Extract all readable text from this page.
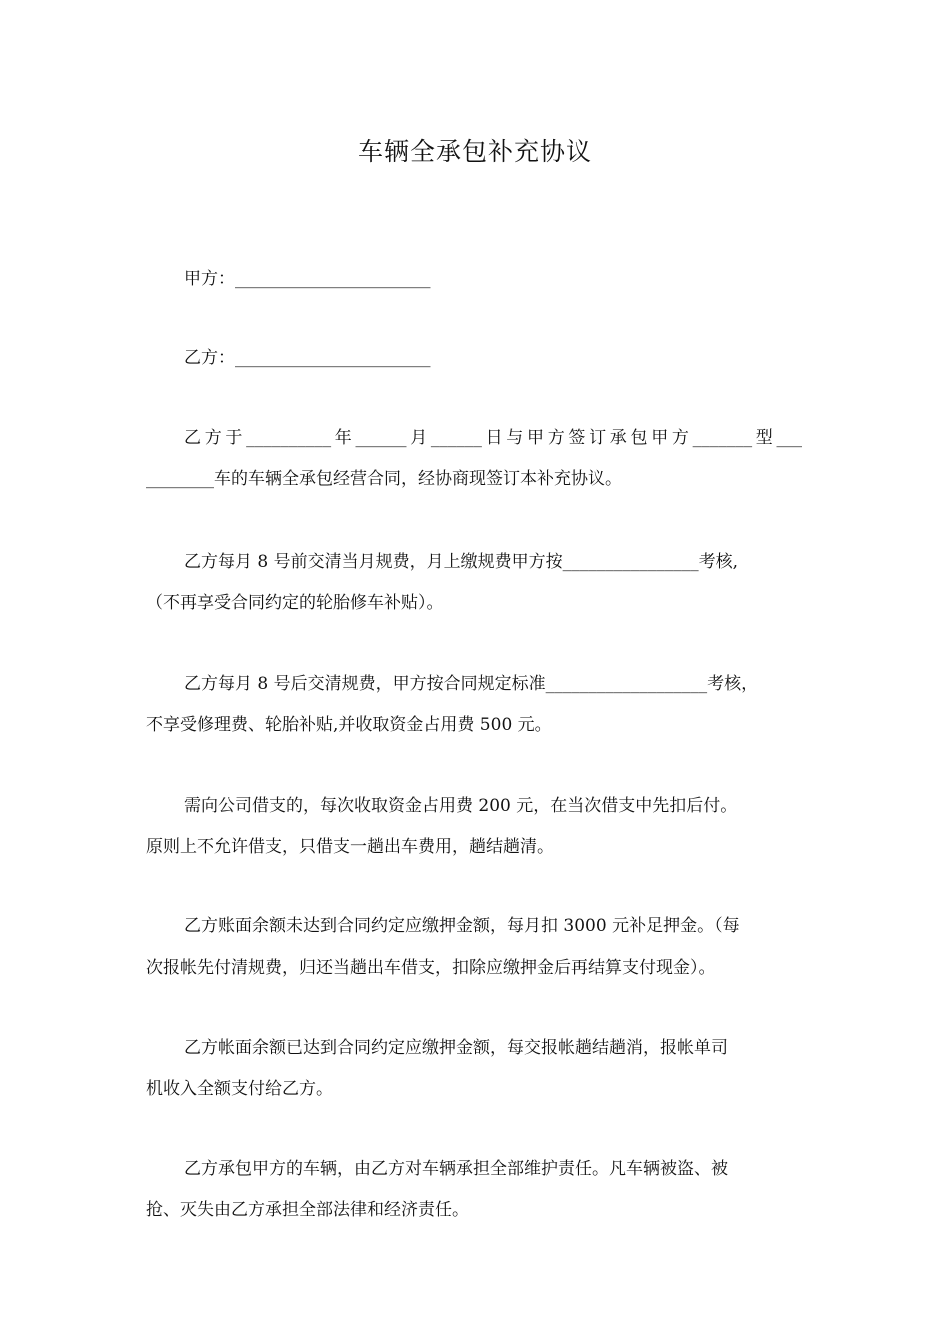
车辆全承包补充协议
甲方：_______________________
乙方：_______________________
乙方于__________年______月______日与甲方签订承包甲方_______型___
________车的车辆全承包经营合同，经协商现签订本补充协议。
乙方每月 8 号前交清当月规费，月上缴规费甲方按________________考核,
（不再享受合同约定的轮胎修车补贴）。
乙方每月 8 号后交清规费，甲方按合同规定标准___________________考核，
不享受修理费、轮胎补贴,并收取资金占用费 500 元。
需向公司借支的，每次收取资金占用费 200 元，在当次借支中先扣后付。
原则上不允许借支，只借支一趟出车费用，趟结趟清。
乙方账面余额未达到合同约定应缴押金额，每月扣 3000 元补足押金。（每
次报帐先付清规费，归还当趟出车借支，扣除应缴押金后再结算支付现金）。
乙方帐面余额已达到合同约定应缴押金额，每交报帐趟结趟消，报帐单司
机收入全额支付给乙方。
乙方承包甲方的车辆，由乙方对车辆承担全部维护责任。凡车辆被盗、被
抢、灭失由乙方承担全部法律和经济责任。
